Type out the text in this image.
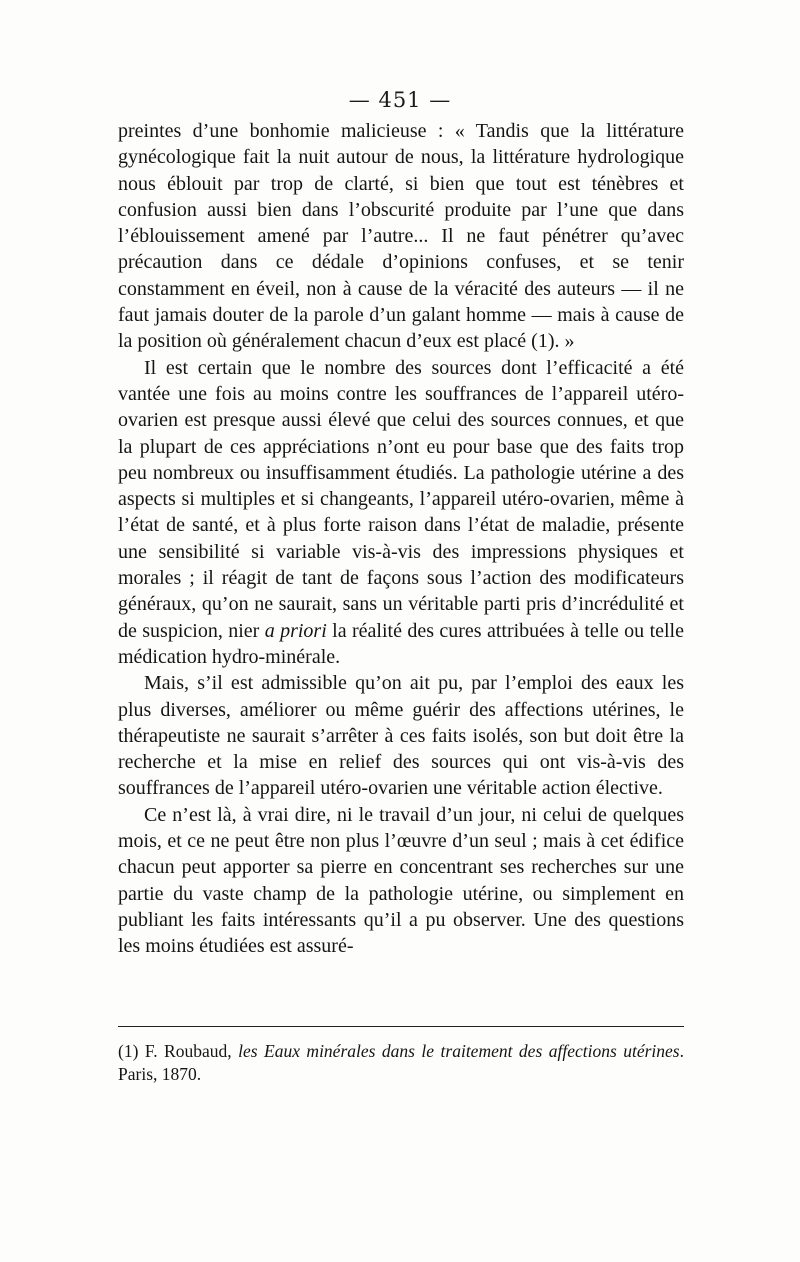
— 451 —

preintes d’une bonhomie malicieuse : « Tandis que la littérature gynécologique fait la nuit autour de nous, la littérature hydrologique nous éblouit par trop de clarté, si bien que tout est ténèbres et confusion aussi bien dans l’obscurité produite par l’une que dans l’éblouissement amené par l’autre... Il ne faut pénétrer qu’avec précaution dans ce dédale d’opinions confuses, et se tenir constamment en éveil, non à cause de la véracité des auteurs — il ne faut jamais douter de la parole d’un galant homme — mais à cause de la position où généralement chacun d’eux est placé (1). »

Il est certain que le nombre des sources dont l’efficacité a été vantée une fois au moins contre les souffrances de l’appareil utéro-ovarien est presque aussi élevé que celui des sources connues, et que la plupart de ces appréciations n’ont eu pour base que des faits trop peu nombreux ou insuffisamment étudiés. La pathologie utérine a des aspects si multiples et si changeants, l’appareil utéro-ovarien, même à l’état de santé, et à plus forte raison dans l’état de maladie, présente une sensibilité si variable vis-à-vis des impressions physiques et morales ; il réagit de tant de façons sous l’action des modificateurs généraux, qu’on ne saurait, sans un véritable parti pris d’incrédulité et de suspicion, nier a priori la réalité des cures attribuées à telle ou telle médication hydro-minérale.

Mais, s’il est admissible qu’on ait pu, par l’emploi des eaux les plus diverses, améliorer ou même guérir des affections utérines, le thérapeutiste ne saurait s’arrêter à ces faits isolés, son but doit être la recherche et la mise en relief des sources qui ont vis-à-vis des souffrances de l’appareil utéro-ovarien une véritable action élective.

Ce n’est là, à vrai dire, ni le travail d’un jour, ni celui de quelques mois, et ce ne peut être non plus l’œuvre d’un seul ; mais à cet édifice chacun peut apporter sa pierre en concentrant ses recherches sur une partie du vaste champ de la pathologie utérine, ou simplement en publiant les faits intéressants qu’il a pu observer. Une des questions les moins étudiées est assuré-

(1) F. Roubaud, les Eaux minérales dans le traitement des affections utérines. Paris, 1870.
